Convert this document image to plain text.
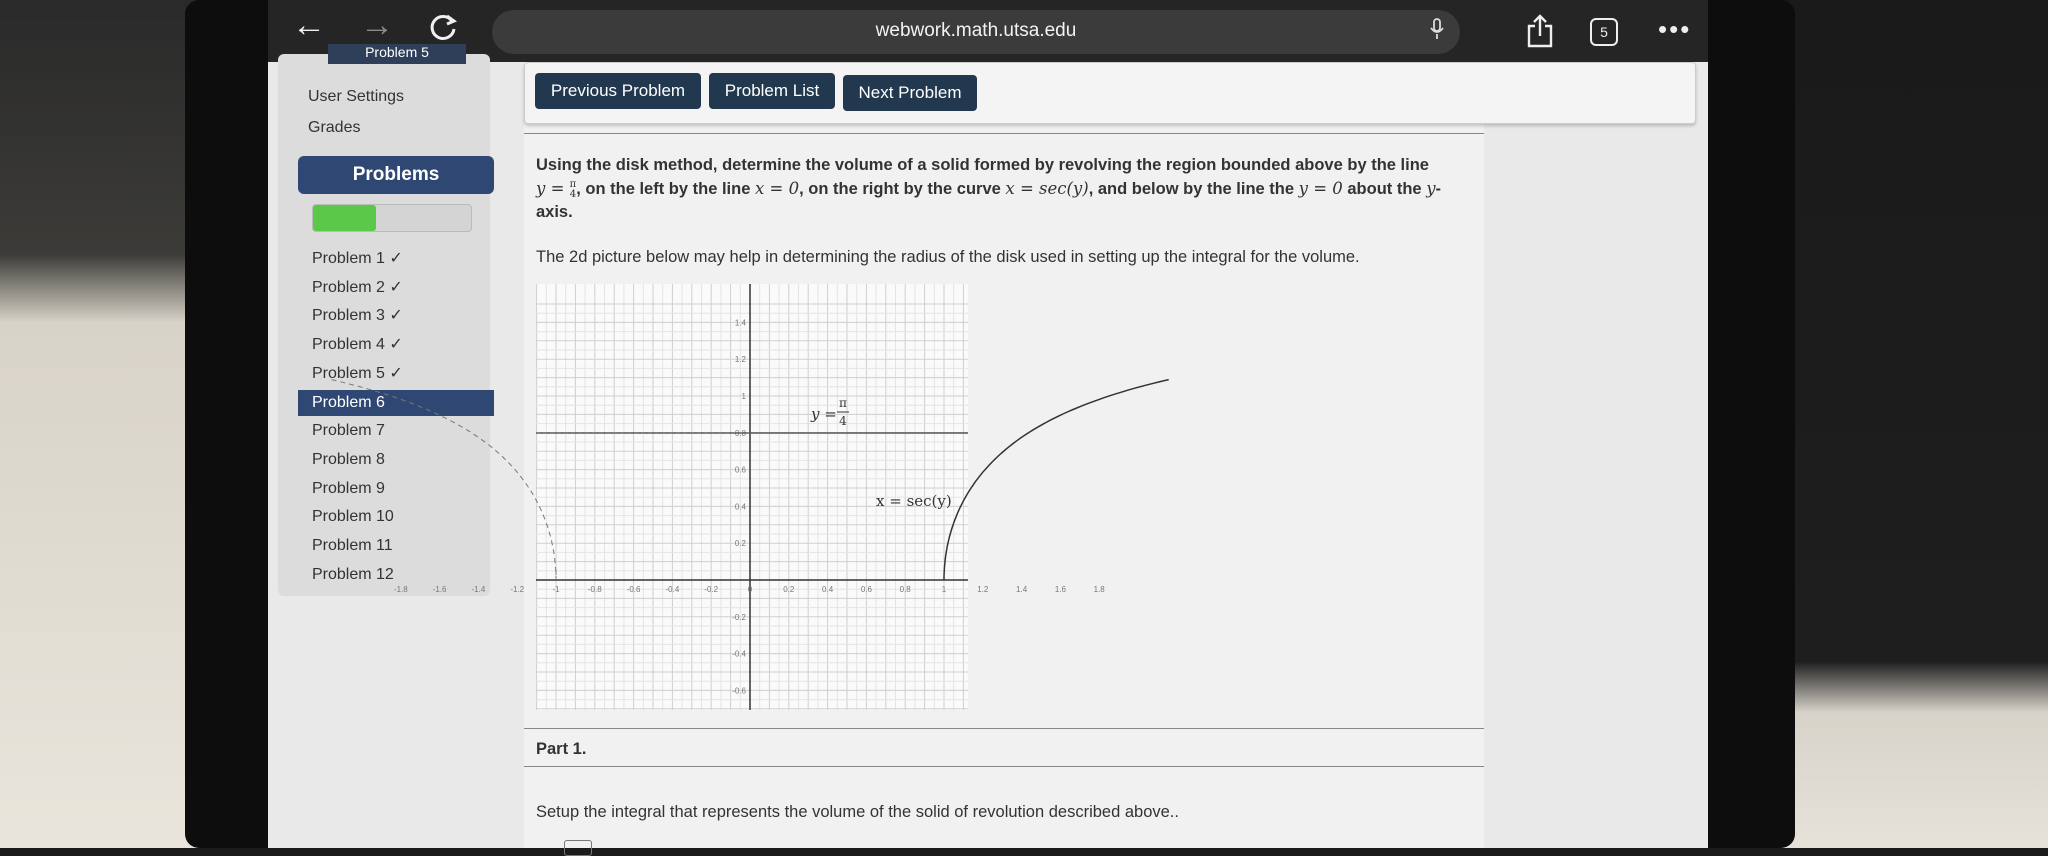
← →	webwork.math.utsa.edu	5	•••
Problem 5
User Settings
Grades
Problems
Problem 1 ✓
Problem 2 ✓
Problem 3 ✓
Problem 4 ✓
Problem 5 ✓
Problem 6
Problem 7
Problem 8
Problem 9
Problem 10
Problem 11
Problem 12
Previous Problem	Problem List	Next Problem
Using the disk method, determine the volume of a solid formed by revolving the region bounded above by the line
y = π
4, on the left by the line x = 0, on the right by the curve x = sec(y), and below by the line the y = 0 about the y-
axis.
The 2d picture below may help in determining the radius of the disk used in setting up the integral for the volume.
-1.8	-1.6	-1.4	-1.2	-1	-0.8	-0.6	-0.4	-0.2	0	0.2	0.4	0.6	0.8	1	1.2	1.4	1.6	1.8
1.4
1.2
1
0.8
0.6
0.4
0.2
-0.2
-0.4
-0.6
y =
π
4
x = sec(y)
Part 1.
Setup the integral that represents the volume of the solid of revolution described above..
